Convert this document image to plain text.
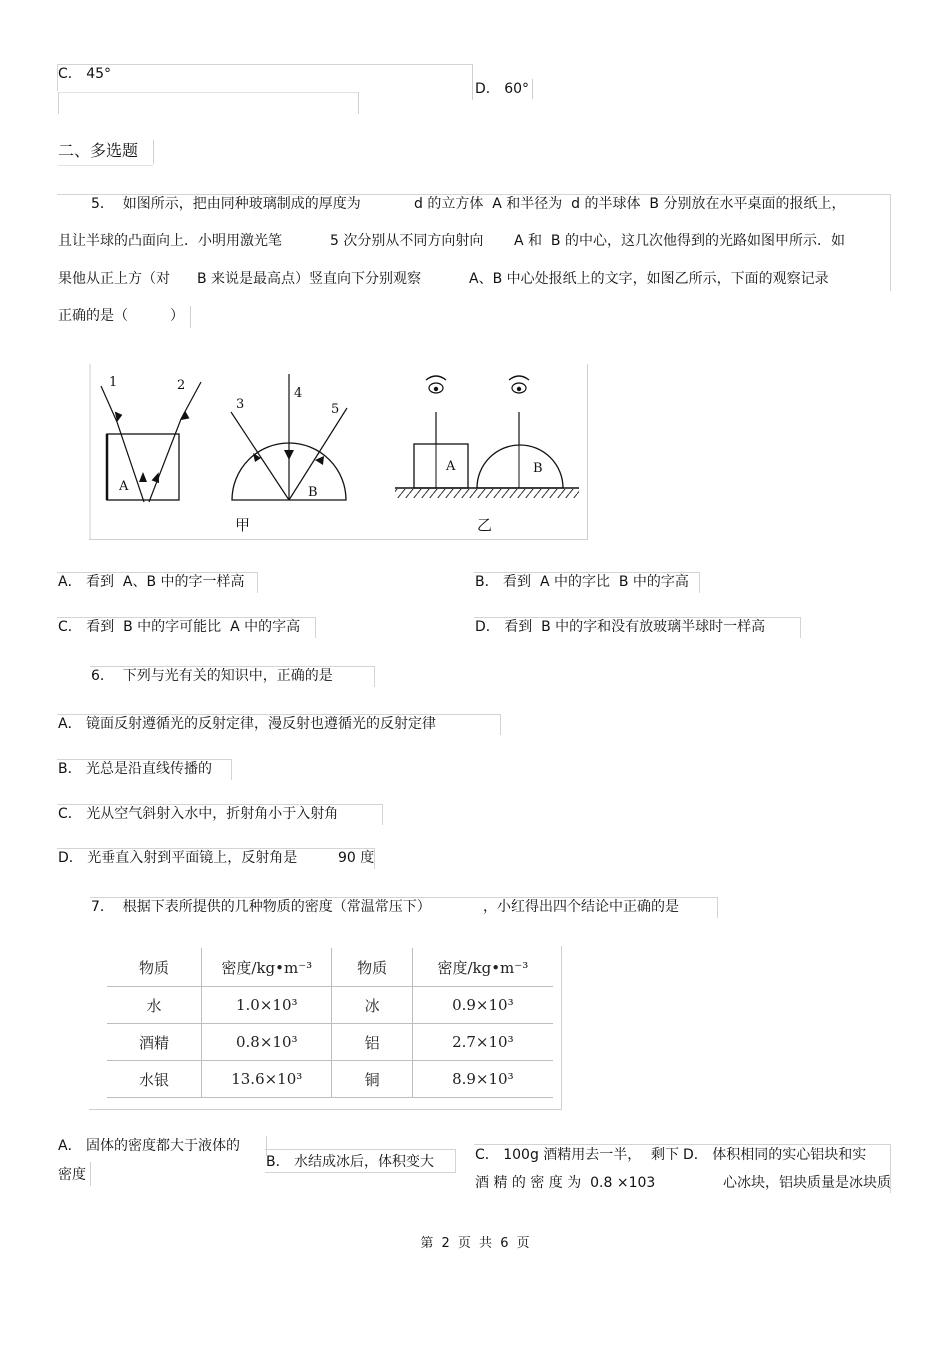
C． 45°
D． 60°
二、多选题
5．  如图所示，把由同种玻璃制成的厚度为	d 的立方体  A 和半径为  d 的半球体  B 分别放在水平桌面的报纸上，
且让半球的凸面向上．小明用激光笔	5 次分别从不同方向射向 A 和  B 的中心，这几次他得到的光路如图甲所示．如
果他从正上方（对 B 来说是最高点）竖直向下分别观察	A、B 中心处报纸上的文字，如图乙所示，下面的观察记录
正确的是（	）
1	2
A
3
4
5
B
甲
A	B
乙
A． 看到  A、B 中的字一样高	B． 看到  A 中的字比  B 中的字高
C． 看到  B 中的字可能比  A 中的字高	D． 看到  B 中的字和没有放玻璃半球时一样高
6．  下列与光有关的知识中，正确的是
A． 镜面反射遵循光的反射定律，漫反射也遵循光的反射定律
B． 光总是沿直线传播的
C． 光从空气斜射入水中，折射角小于入射角
D． 光垂直入射到平面镜上，反射角是	90 度
7．  根据下表所提供的几种物质的密度（常温常压下）	，小红得出四个结论中正确的是
物质	密度/kg•m⁻³	物质	密度/kg•m⁻³
水	1.0×10³	冰	0.9×10³
酒精	0.8×10³	铝	2.7×10³
水银	13.6×10³	铜	8.9×10³
A． 固体的密度都大于液体的
密度
B． 水结成冰后，体积变大	C． 100g 酒精用去一半， 剩下
酒 精 的 密 度 为  0.8 ×103
D． 体积相同的实心铝块和实
心冰块，铝块质量是冰块质
第 2 页 共 6 页
